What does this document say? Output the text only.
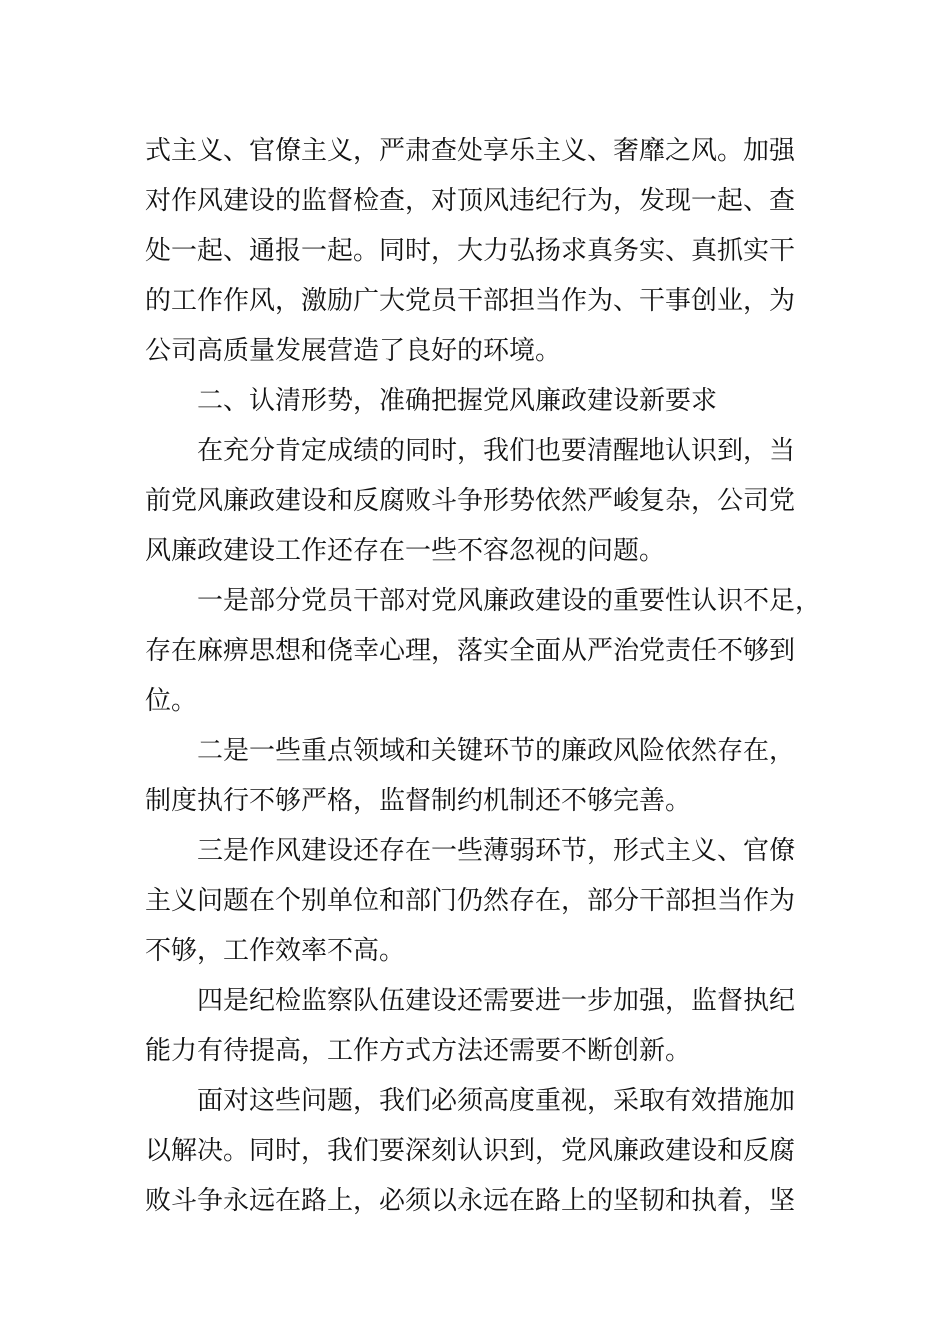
式主义、官僚主义，严肃查处享乐主义、奢靡之风。加强
对作风建设的监督检查，对顶风违纪行为，发现一起、查
处一起、通报一起。同时，大力弘扬求真务实、真抓实干
的工作作风，激励广大党员干部担当作为、干事创业，为
公司高质量发展营造了良好的环境。
二、认清形势，准确把握党风廉政建设新要求
在充分肯定成绩的同时，我们也要清醒地认识到，当
前党风廉政建设和反腐败斗争形势依然严峻复杂，公司党
风廉政建设工作还存在一些不容忽视的问题。
一是部分党员干部对党风廉政建设的重要性认识不足，
存在麻痹思想和侥幸心理，落实全面从严治党责任不够到
位。
二是一些重点领域和关键环节的廉政风险依然存在，
制度执行不够严格，监督制约机制还不够完善。
三是作风建设还存在一些薄弱环节，形式主义、官僚
主义问题在个别单位和部门仍然存在，部分干部担当作为
不够，工作效率不高。
四是纪检监察队伍建设还需要进一步加强，监督执纪
能力有待提高，工作方式方法还需要不断创新。
面对这些问题，我们必须高度重视，采取有效措施加
以解决。同时，我们要深刻认识到，党风廉政建设和反腐
败斗争永远在路上，必须以永远在路上的坚韧和执着，坚
